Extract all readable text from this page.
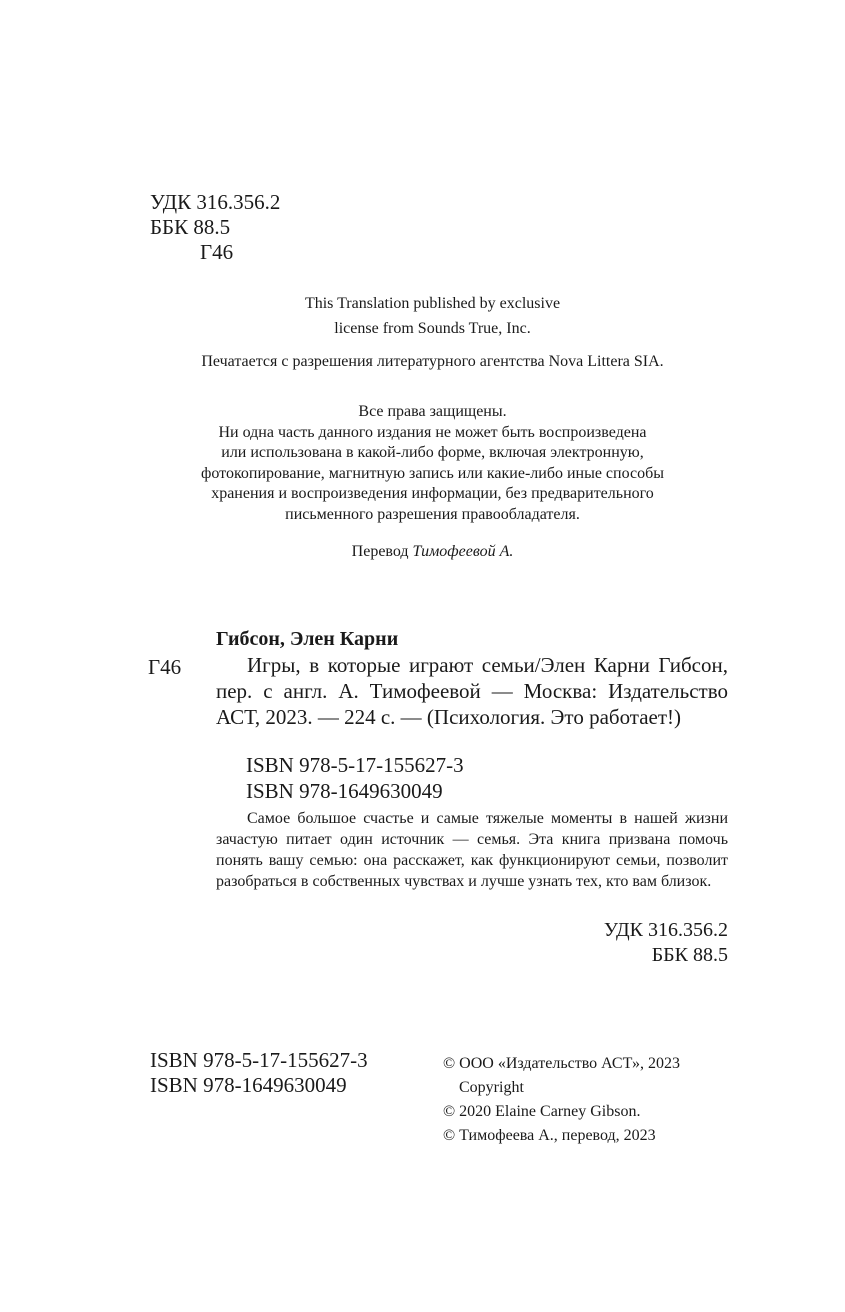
УДК 316.356.2
ББК 88.5
Г46
This Translation published by exclusive
license from Sounds True, Inc.
Печатается с разрешения литературного агентства Nova Littera SIA.
Все права защищены.
Ни одна часть данного издания не может быть воспроизведена
или использована в какой-либо форме, включая электронную,
фотокопирование, магнитную запись или какие-либо иные способы
хранения и воспроизведения информации, без предварительного
письменного разрешения правообладателя.
Перевод Тимофеевой А.
Гибсон, Элен Карни
Г46	Игры, в которые играют семьи/Элен Карни Гибсон, пер. с англ. А. Тимофеевой — Москва: Издательство АСТ, 2023. — 224 с. — (Психология. Это работает!)
ISBN 978-5-17-155627-3
ISBN 978-1649630049
Самое большое счастье и самые тяжелые моменты в нашей жизни зачастую питает один источник — семья. Эта книга призвана помочь понять вашу семью: она расскажет, как функционируют семьи, позволит разобраться в собственных чувствах и лучше узнать тех, кто вам близок.
УДК 316.356.2
ББК 88.5
ISBN 978-5-17-155627-3
ISBN 978-1649630049
© ООО «Издательство АСТ», 2023
Copyright
© 2020 Elaine Carney Gibson.
© Тимофеева А., перевод, 2023
